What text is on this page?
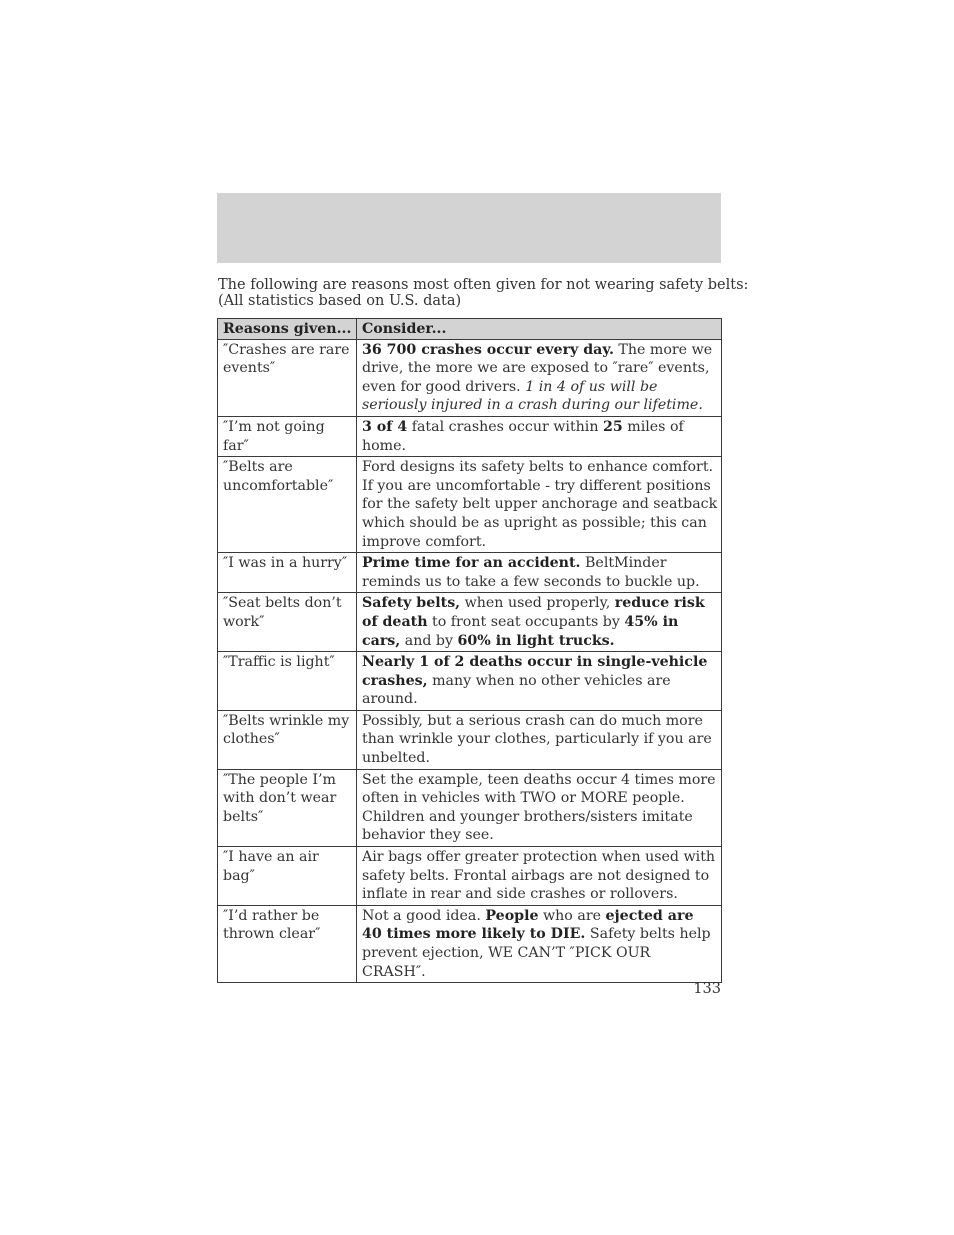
The following are reasons most often given for not wearing safety belts:
(All statistics based on U.S. data)
Reasons given...	Consider...
″Crashes are rare events″	36 700 crashes occur every day. The more we drive, the more we are exposed to ″rare″ events, even for good drivers. 1 in 4 of us will be seriously injured in a crash during our lifetime.
″I’m not going far″	3 of 4 fatal crashes occur within 25 miles of home.
″Belts are uncomfortable″	Ford designs its safety belts to enhance comfort. If you are uncomfortable - try different positions for the safety belt upper anchorage and seatback which should be as upright as possible; this can improve comfort.
″I was in a hurry″	Prime time for an accident. BeltMinder reminds us to take a few seconds to buckle up.
″Seat belts don’t work″	Safety belts, when used properly, reduce risk of death to front seat occupants by 45% in cars, and by 60% in light trucks.
″Traffic is light″	Nearly 1 of 2 deaths occur in single-vehicle crashes, many when no other vehicles are around.
″Belts wrinkle my clothes″	Possibly, but a serious crash can do much more than wrinkle your clothes, particularly if you are unbelted.
″The people I’m with don’t wear belts″	Set the example, teen deaths occur 4 times more often in vehicles with TWO or MORE people. Children and younger brothers/sisters imitate behavior they see.
″I have an air bag″	Air bags offer greater protection when used with safety belts. Frontal airbags are not designed to inflate in rear and side crashes or rollovers.
″I’d rather be thrown clear″	Not a good idea. People who are ejected are 40 times more likely to DIE. Safety belts help prevent ejection, WE CAN’T ″PICK OUR CRASH″.
133
